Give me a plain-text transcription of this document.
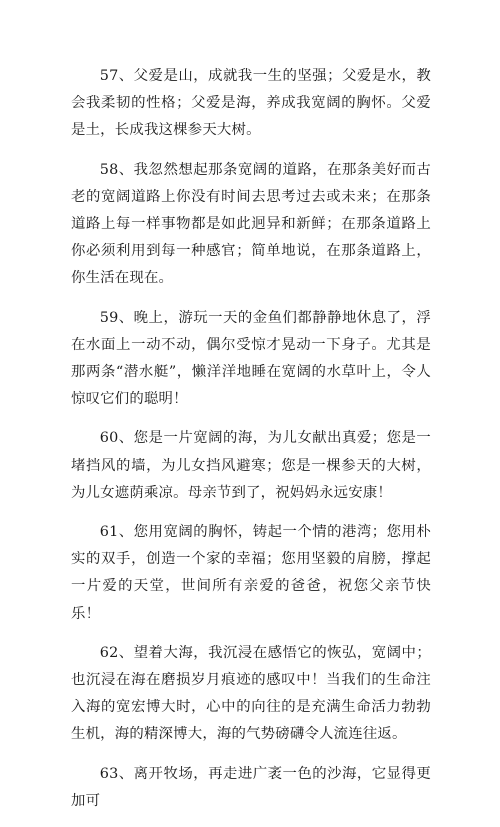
57、父爱是山，成就我一生的坚强；父爱是水，教会我柔韧的性格；父爱是海，养成我宽阔的胸怀。父爱是土，长成我这棵参天大树。

58、我忽然想起那条宽阔的道路，在那条美好而古老的宽阔道路上你没有时间去思考过去或未来；在那条道路上每一样事物都是如此迥异和新鲜；在那条道路上你必须利用到每一种感官；简单地说，在那条道路上，你生活在现在。

59、晚上，游玩一天的金鱼们都静静地休息了，浮在水面上一动不动，偶尔受惊才晃动一下身子。尤其是那两条“潜水艇”，懒洋洋地睡在宽阔的水草叶上，令人惊叹它们的聪明！

60、您是一片宽阔的海，为儿女献出真爱；您是一堵挡风的墙，为儿女挡风避寒；您是一棵参天的大树，为儿女遮荫乘凉。母亲节到了，祝妈妈永远安康！

61、您用宽阔的胸怀，铸起一个情的港湾；您用朴实的双手，创造一个家的幸福；您用坚毅的肩膀，撑起一片爱的天堂，世间所有亲爱的爸爸，祝您父亲节快乐！

62、望着大海，我沉浸在感悟它的恢弘，宽阔中；也沉浸在海在磨损岁月痕迹的感叹中！当我们的生命注入海的宽宏博大时，心中的向往的是充满生命活力勃勃生机，海的精深博大，海的气势磅礴令人流连往返。

63、离开牧场，再走进广袤一色的沙海，它显得更加可
